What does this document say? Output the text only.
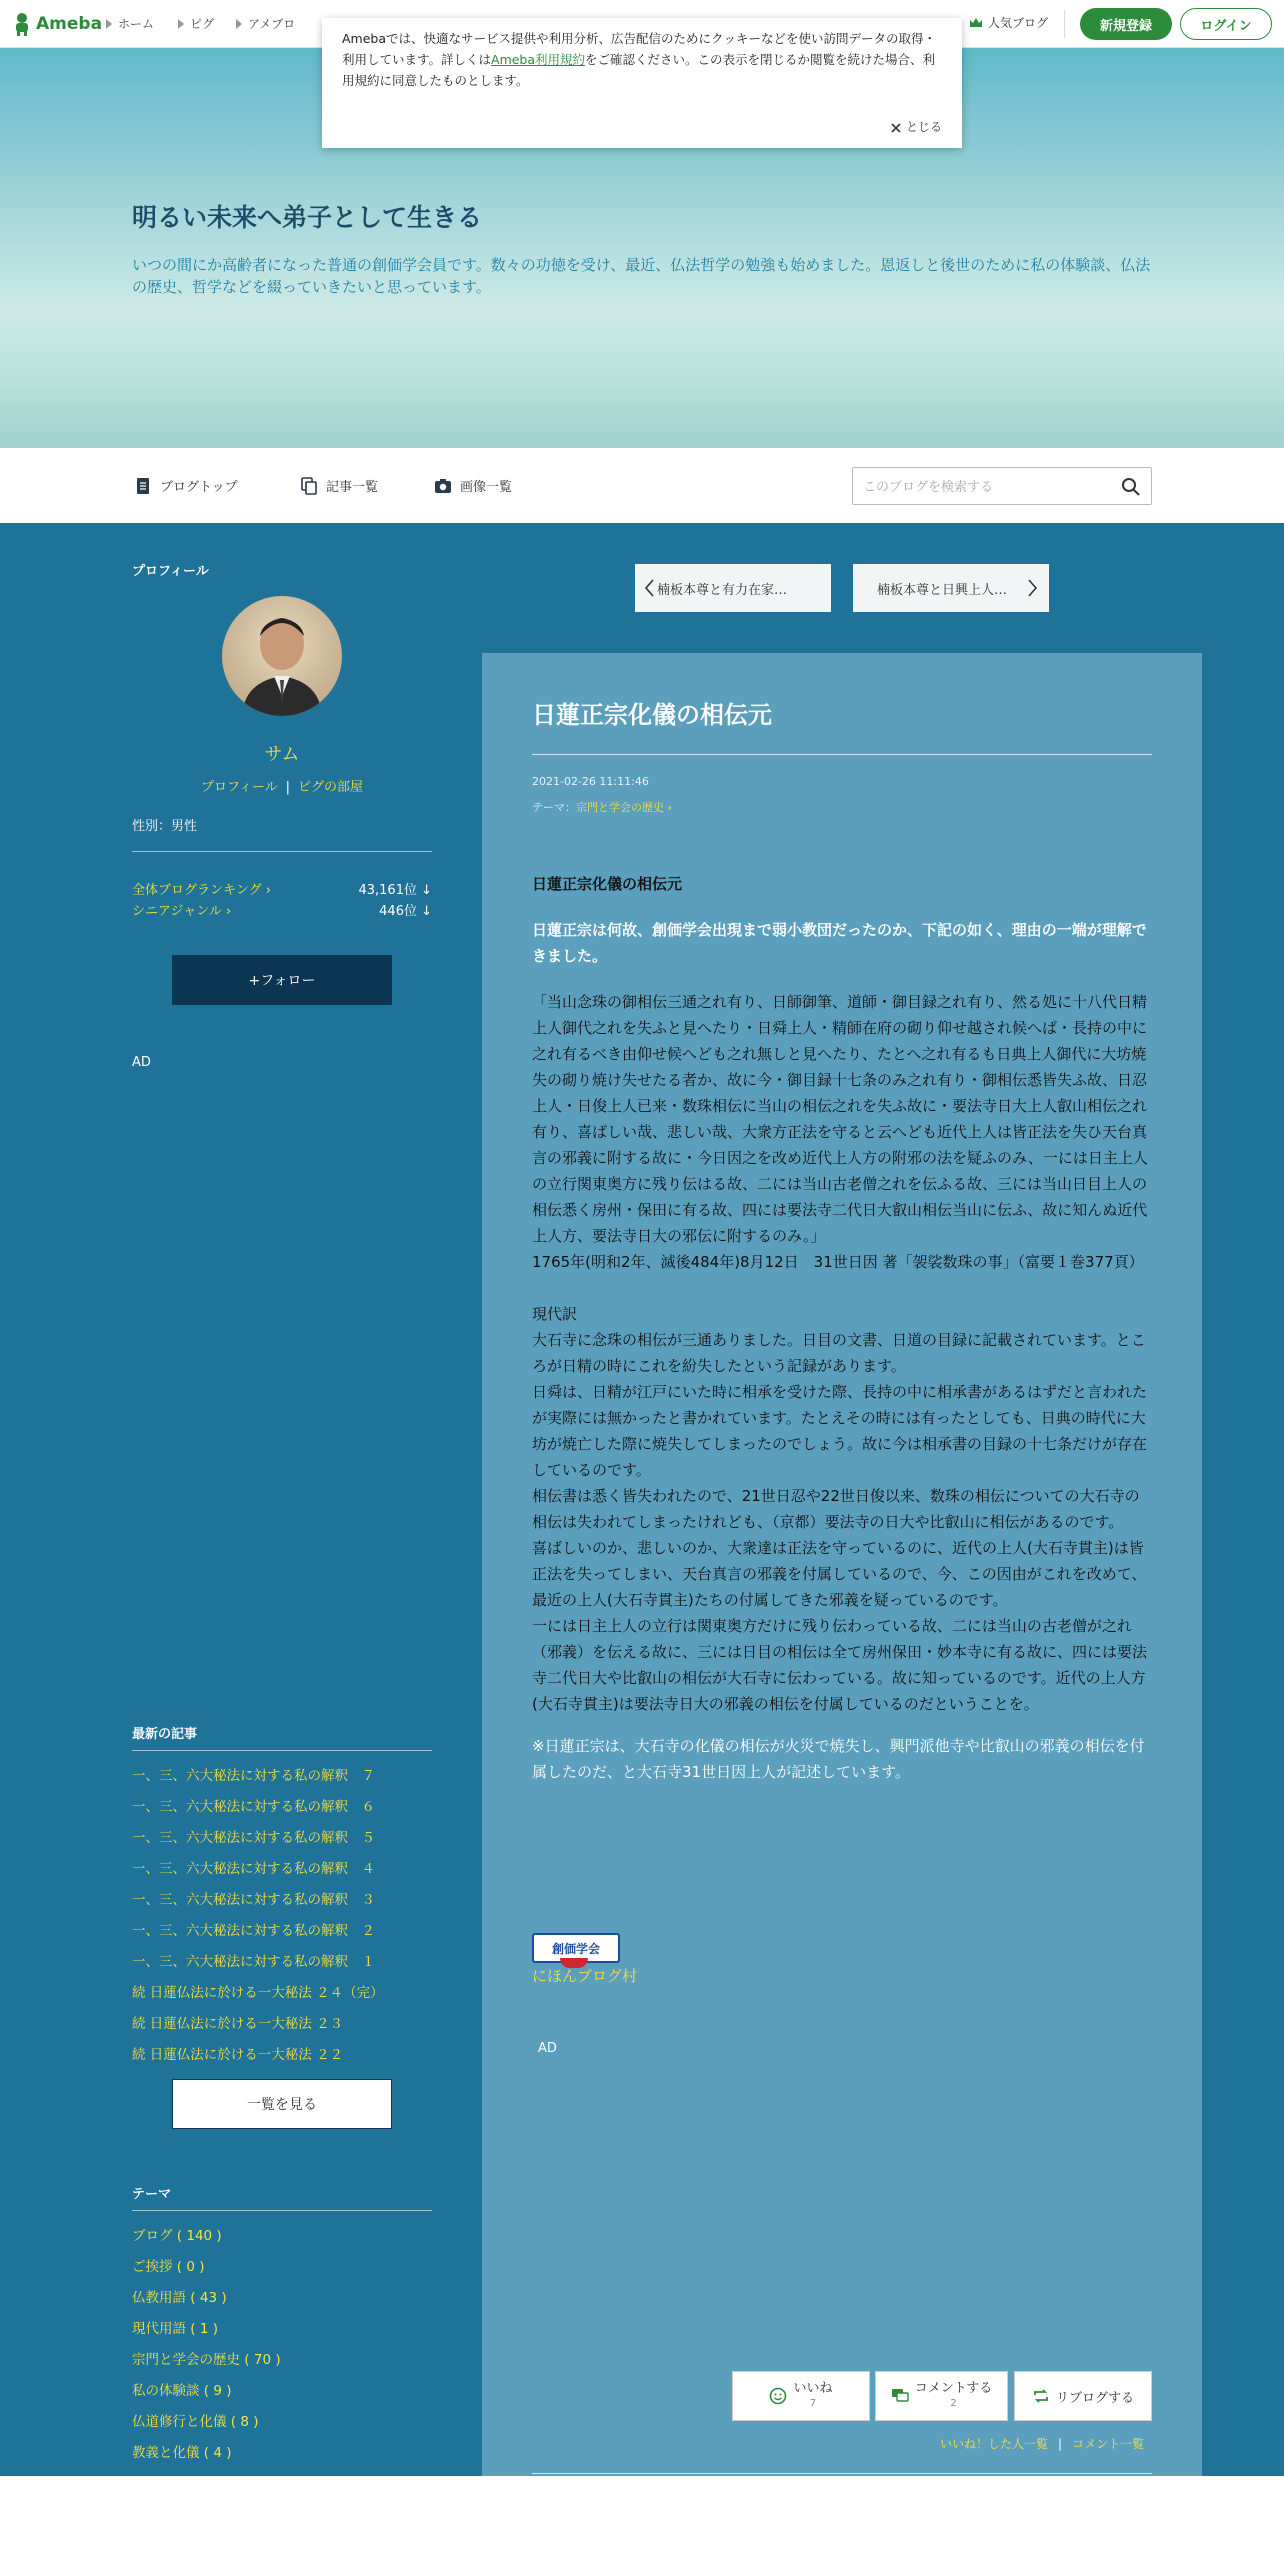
Ameba ホーム	ピグ	アメブロ	人気ブログ	新規登録	ログイン
Amebaでは、快適なサービス提供や利用分析、広告配信のためにクッキーなどを使い訪問データの取得・利用しています。詳しくはAmeba利用規約をご確認ください。この表示を閉じるか閲覧を続けた場合、利用規約に同意したものとします。
とじる
明るい未来へ弟子として生きる
いつの間にか高齢者になった普通の創価学会員です。数々の功徳を受け、最近、仏法哲学の勉強も始めました。恩返しと後世のために私の体験談、仏法の歴史、哲学などを綴っていきたいと思っています。
ブログトップ	記事一覧	画像一覧
このブログを検索する
プロフィール
サム
プロフィール | ピグの部屋
性別：男性
全体ブログランキング ›	43,161位 ↓
シニアジャンル ›	446位 ↓
+フォロー
AD
最新の記事
一、三、六大秘法に対する私の解釈　７
一、三、六大秘法に対する私の解釈　６
一、三、六大秘法に対する私の解釈　５
一、三、六大秘法に対する私の解釈　４
一、三、六大秘法に対する私の解釈　３
一、三、六大秘法に対する私の解釈　２
一、三、六大秘法に対する私の解釈　１
続 日蓮仏法に於ける一大秘法 ２４（完）
続 日蓮仏法に於ける一大秘法 ２３
続 日蓮仏法に於ける一大秘法 ２２
一覧を見る
テーマ
ブログ ( 140 )
ご挨拶 ( 0 )
仏教用語 ( 43 )
現代用語 ( 1 )
宗門と学会の歴史 ( 70 )
私の体験談 ( 9 )
仏道修行と化儀 ( 8 )
教義と化儀 ( 4 )
楠板本尊と有力在家…	楠板本尊と日興上人…
日蓮正宗化儀の相伝元
2021-02-26 11:11:46
テーマ：宗門と学会の歴史 ›

日蓮正宗化儀の相伝元

日蓮正宗は何故、創価学会出現まで弱小教団だったのか、下記の如く、理由の一端が理解できました。

「当山念珠の御相伝三通之れ有り、日師御筆、道師・御目録之れ有り、然る処に十八代日精上人御代之れを失ふと見へたり・日舜上人・精師在府の砌り仰せ越され候へば・長持の中に之れ有るべき由仰せ候へども之れ無しと見へたり、たとへ之れ有るも日典上人御代に大坊焼失の砌り焼け失せたる者か、故に今・御目録十七条のみ之れ有り・御相伝悉皆失ふ故、日忍上人・日俊上人已来・数珠相伝に当山の相伝之れを失ふ故に・要法寺日大上人叡山相伝之れ有り、喜ばしい哉、悲しい哉、大衆方正法を守ると云へども近代上人は皆正法を失ひ天台真言の邪義に附する故に・今日因之を改め近代上人方の附邪の法を疑ふのみ、一には日主上人の立行関東奥方に残り伝はる故、二には当山古老僧之れを伝ふる故、三には当山日目上人の相伝悉く房州・保田に有る故、四には要法寺二代日大叡山相伝当山に伝ふ、故に知んぬ近代上人方、要法寺日大の邪伝に附するのみ。」

1765年(明和2年、滅後484年)8月12日　31世日因 著「袈裟数珠の事」（富要１巻377頁）

現代訳

大石寺に念珠の相伝が三通ありました。日目の文書、日道の目録に記載されています。ところが日精の時にこれを紛失したという記録があります。

日舜は、日精が江戸にいた時に相承を受けた際、長持の中に相承書があるはずだと言われたが実際には無かったと書かれています。たとえその時には有ったとしても、日典の時代に大坊が焼亡した際に焼失してしまったのでしょう。故に今は相承書の目録の十七条だけが存在しているのです。

相伝書は悉く皆失われたので、21世日忍や22世日俊以来、数珠の相伝についての大石寺の相伝は失われてしまったけれども、（京都）要法寺の日大や比叡山に相伝があるのです。

喜ばしいのか、悲しいのか、大衆達は正法を守っているのに、近代の上人(大石寺貫主)は皆正法を失ってしまい、天台真言の邪義を付属しているので、今、この因由がこれを改めて、最近の上人(大石寺貫主)たちの付属してきた邪義を疑っているのです。

一には日主上人の立行は関東奥方だけに残り伝わっている故、二には当山の古老僧が之れ（邪義）を伝える故に、三には日目の相伝は全て房州保田・妙本寺に有る故に、四には要法寺二代日大や比叡山の相伝が大石寺に伝わっている。故に知っているのです。近代の上人方(大石寺貫主)は要法寺日大の邪義の相伝を付属しているのだということを。

※日蓮正宗は、大石寺の化儀の相伝が火災で焼失し、興門派他寺や比叡山の邪義の相伝を付属したのだ、と大石寺31世日因上人が記述しています。

創価学会
にほんブログ村
AD
いいね
7
コメントする
2	リブログする
いいね！した人一覧 | コメント一覧
